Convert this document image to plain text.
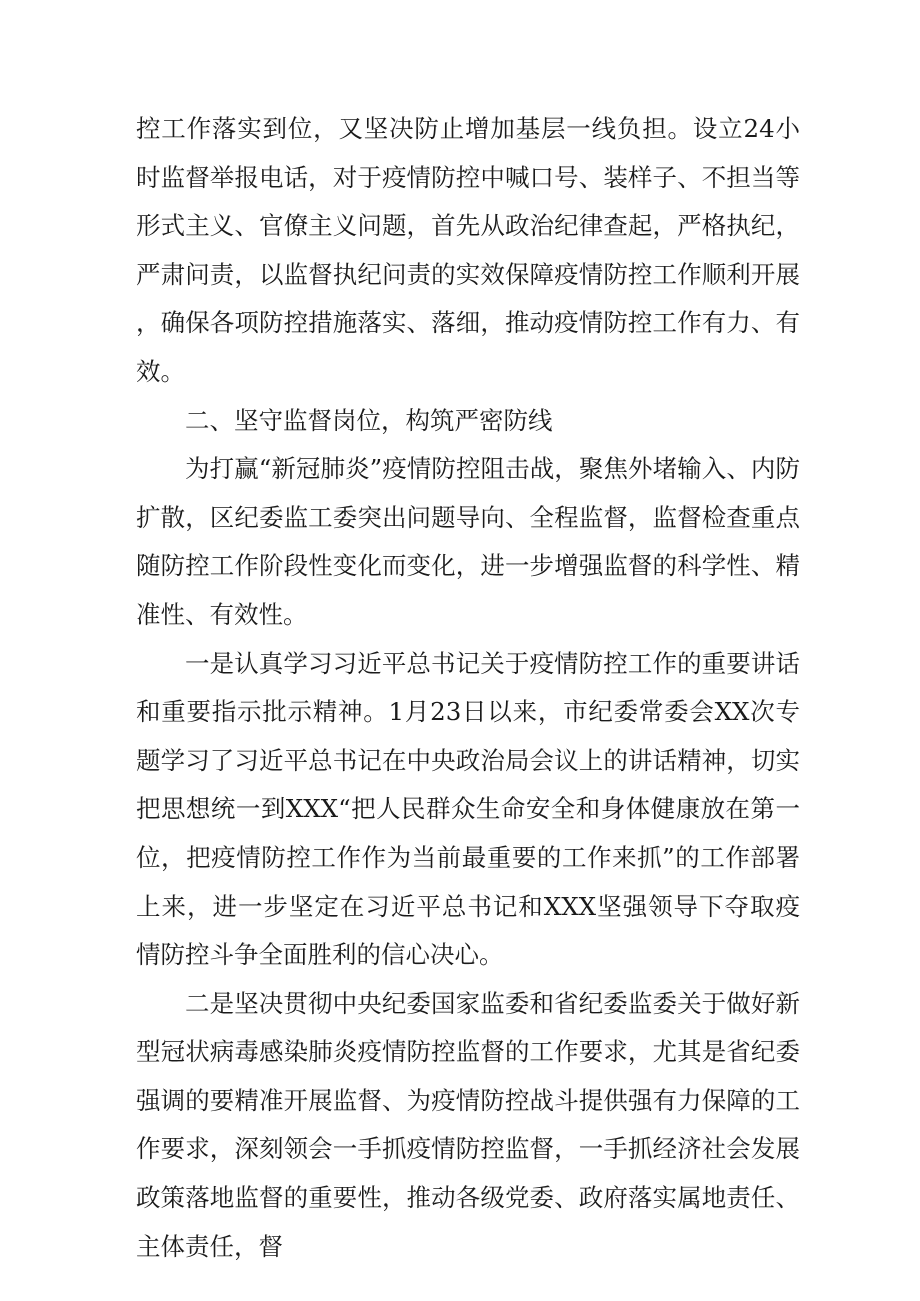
控工作落实到位，又坚决防止增加基层一线负担。设立24小时监督举报电话，对于疫情防控中喊口号、装样子、不担当等形式主义、官僚主义问题，首先从政治纪律查起，严格执纪，严肃问责，以监督执纪问责的实效保障疫情防控工作顺利开展，确保各项防控措施落实、落细，推动疫情防控工作有力、有效。

二、坚守监督岗位，构筑严密防线

为打赢“新冠肺炎”疫情防控阻击战，聚焦外堵输入、内防扩散，区纪委监工委突出问题导向、全程监督，监督检查重点随防控工作阶段性变化而变化，进一步增强监督的科学性、精准性、有效性。

一是认真学习习近平总书记关于疫情防控工作的重要讲话和重要指示批示精神。1月23日以来，市纪委常委会XX次专题学习了习近平总书记在中央政治局会议上的讲话精神，切实把思想统一到XXX“把人民群众生命安全和身体健康放在第一位，把疫情防控工作作为当前最重要的工作来抓”的工作部署上来，进一步坚定在习近平总书记和XXX坚强领导下夺取疫情防控斗争全面胜利的信心决心。

二是坚决贯彻中央纪委国家监委和省纪委监委关于做好新型冠状病毒感染肺炎疫情防控监督的工作要求，尤其是省纪委强调的要精准开展监督、为疫情防控战斗提供强有力保障的工作要求，深刻领会一手抓疫情防控监督，一手抓经济社会发展政策落地监督的重要性，推动各级党委、政府落实属地责任、主体责任，督
